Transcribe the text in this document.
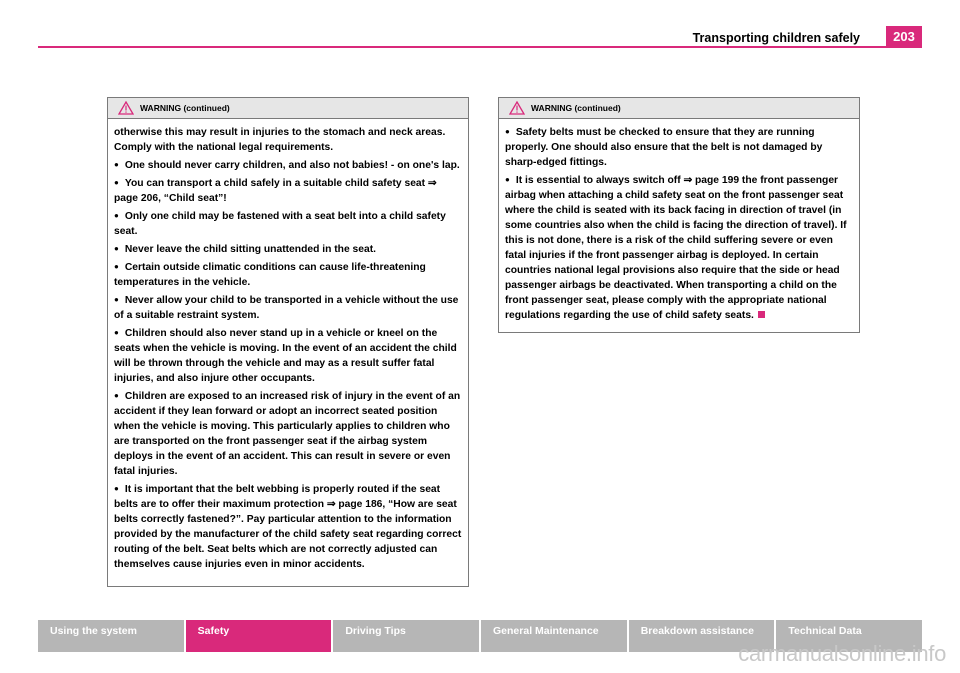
Transporting children safely	203
WARNING (continued)

otherwise this may result in injuries to the stomach and neck areas. Comply with the national legal requirements.

● One should never carry children, and also not babies! - on one's lap.

● You can transport a child safely in a suitable child safety seat ⇒ page 206, “Child seat”!

● Only one child may be fastened with a seat belt into a child safety seat.

● Never leave the child sitting unattended in the seat.

● Certain outside climatic conditions can cause life-threatening temperatures in the vehicle.

● Never allow your child to be transported in a vehicle without the use of a suitable restraint system.

● Children should also never stand up in a vehicle or kneel on the seats when the vehicle is moving. In the event of an accident the child will be thrown through the vehicle and may as a result suffer fatal injuries, and also injure other occupants.

● Children are exposed to an increased risk of injury in the event of an accident if they lean forward or adopt an incorrect seated position when the vehicle is moving. This particularly applies to children who are transported on the front passenger seat if the airbag system deploys in the event of an accident. This can result in severe or even fatal injuries.

● It is important that the belt webbing is properly routed if the seat belts are to offer their maximum protection ⇒ page 186, “How are seat belts correctly fastened?”. Pay particular attention to the information provided by the manufacturer of the child safety seat regarding correct routing of the belt. Seat belts which are not correctly adjusted can themselves cause injuries even in minor accidents.

WARNING (continued)

● Safety belts must be checked to ensure that they are running properly. One should also ensure that the belt is not damaged by sharp-edged fittings.

● It is essential to always switch off ⇒ page 199 the front passenger airbag when attaching a child safety seat on the front passenger seat where the child is seated with its back facing in direction of travel (in some countries also when the child is facing the direction of travel). If this is not done, there is a risk of the child suffering severe or even fatal injuries if the front passenger airbag is deployed. In certain countries national legal provisions also require that the side or head passenger airbags be deactivated. When transporting a child on the front passenger seat, please comply with the appropriate national regulations regarding the use of child safety seats.

Using the system	Safety	Driving Tips	General Maintenance	Breakdown assistance	Technical Data
carmanualsonline.info
